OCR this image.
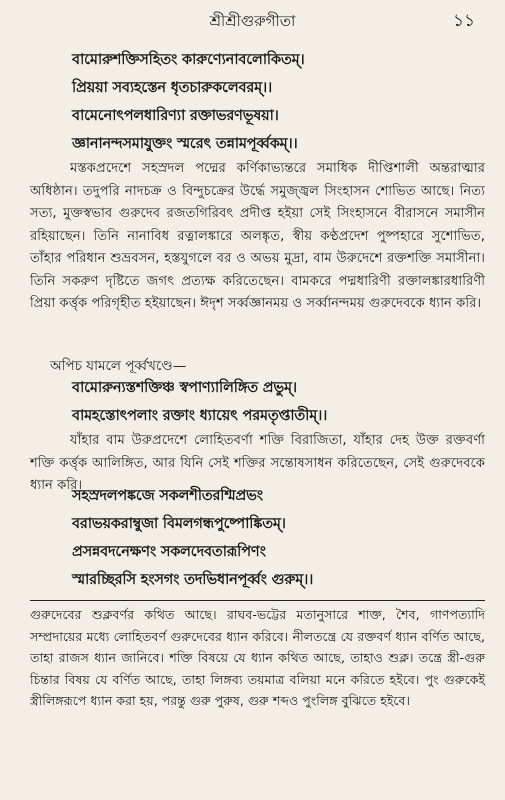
শ্রীশ্রীগুরুগীতা	১১
বামোরুশক্তিসহিতং কারুণ্যেনাবলোকিতম্।
প্রিয়য়া সব্যহস্তেন ধৃতচারুকলেবরম্।।
বামেনোৎপলধারিণ্যা রক্তাভরণভূষয়া।
জ্ঞানানন্দসমাযুক্তং স্মরেৎ তন্নামপূর্ব্বকম্।।

মস্তকপ্রদেশে সহস্রদল পদ্মের কর্ণিকাভ্যন্তরে সমাধিক দীপ্তিশালী অন্তরাত্মার অধিষ্ঠান। তদুপরি নাদচক্র ও বিন্দুচক্রের উর্দ্ধে সমুজ্জ্বল সিংহাসন শোভিত আছে। নিত্য সত্য, মুক্তস্বভাব গুরুদেব রজতগিরিবৎ প্রদীপ্ত হইয়া সেই সিংহাসনে বীরাসনে সমাসীন রহিয়াছেন। তিনি নানাবিধ রত্নালঙ্কারে অলঙ্কৃত, স্বীয় কণ্ঠপ্রদেশ পুষ্পহারে সুশোভিত, তাঁহার পরিধান শুভ্রবসন, হস্তযুগলে বর ও অভয় মুদ্রা, বাম উরুদেশে রক্তশক্তি সমাসীনা। তিনি সকরুণ দৃষ্টিতে জগৎ প্রত্যক্ষ করিতেছেন। বামকরে পদ্মধারিণী রক্তালঙ্কারধারিণী প্রিয়া কর্ত্তৃক পরিগৃহীত হইয়াছেন। ঈদৃশ সর্ব্বজ্ঞানময় ও সর্ব্বানন্দময় গুরুদেবকে ধ্যান করি।

অপিচ যামলে পূর্ব্বখণ্ডে—
বামোরুন্যস্তশক্তিঞ্চ স্বপাণ্যালিঙ্গিত প্রভুম্।
বামহস্তোৎপলাং রক্তাং ধ্যায়েৎ পরমতৃপ্তাতীম্।।

যাঁহার বাম উরুপ্রদেশে লোহিতবর্ণা শক্তি বিরাজিতা, যাঁহার দেহ উক্ত রক্তবর্ণা শক্তি কর্ত্তৃক আলিঙ্গিত, আর যিনি সেই শক্তির সন্তোষসাধন করিতেছেন, সেই গুরুদেবকে ধ্যান করি।

সহস্রদলপঙ্কজে সকলশীতরশ্মিপ্রভং
বরাভয়করাম্বুজা বিমলগন্ধপুষ্পোঙ্কিতম্।
প্রসন্নবদনেক্ষণং সকলদেবতারূপিণং
স্মারচ্ছিরসি হংসগং তদভিধানপূর্ব্বং গুরুম্।।

গুরুদেবের শুক্লবর্ণর কথিত আছে। রাঘব-ভট্টের মতানুসারে শাক্ত, শৈব, গাণপত্যাদি সম্প্রদায়ের মধ্যে লোহিতবর্ণ গুরুদেবের ধ্যান করিবে। নীলতন্ত্রে যে রক্তবর্ণ ধ্যান বর্ণিত আছে, তাহা রাজস ধ্যান জানিবে। শক্তি বিষয়ে যে ধ্যান কথিত আছে, তাহাও শুক্ল। তন্ত্রে স্ত্রী-গুরু চিন্তার বিষয় যে বর্ণিত আছে, তাহা লিঙ্গব্য তয়মাত্র বলিয়া মনে করিতে হইবে। পুং গুরুকেই স্ত্রীলিঙ্গরূপে ধ্যান করা হয়, পরন্তু গুরু পুরুষ, গুরু শব্দও পুংলিঙ্গ বুঝিতে হইবে।
